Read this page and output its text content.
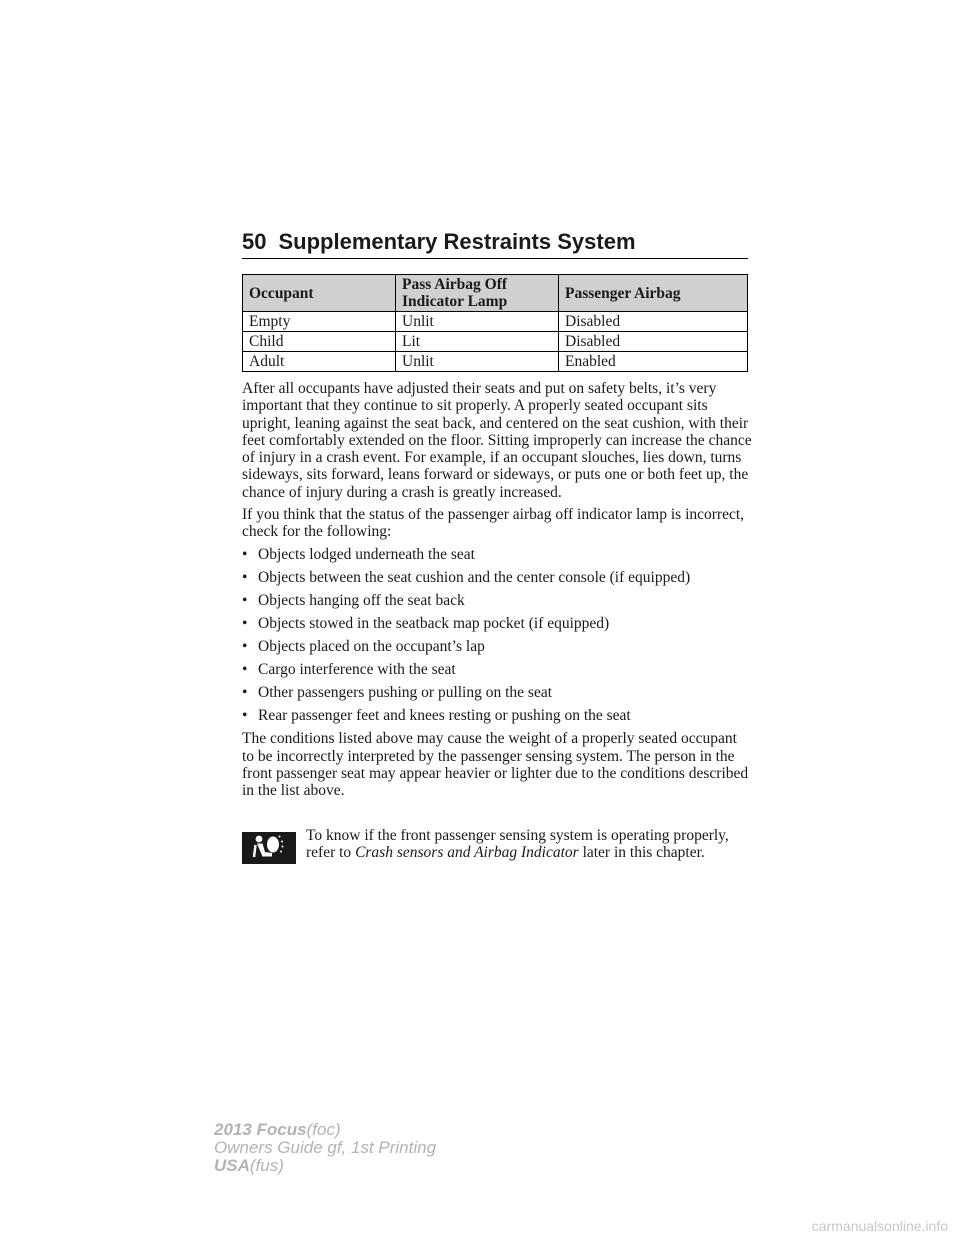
50 Supplementary Restraints System
Occupant	Pass Airbag Off Indicator Lamp	Passenger Airbag
Empty	Unlit	Disabled
Child	Lit	Disabled
Adult	Unlit	Enabled

After all occupants have adjusted their seats and put on safety belts, it’s very important that they continue to sit properly. A properly seated occupant sits upright, leaning against the seat back, and centered on the seat cushion, with their feet comfortably extended on the floor. Sitting improperly can increase the chance of injury in a crash event. For example, if an occupant slouches, lies down, turns sideways, sits forward, leans forward or sideways, or puts one or both feet up, the chance of injury during a crash is greatly increased.

If you think that the status of the passenger airbag off indicator lamp is incorrect, check for the following:

• Objects lodged underneath the seat
• Objects between the seat cushion and the center console (if equipped)
• Objects hanging off the seat back
• Objects stowed in the seatback map pocket (if equipped)
• Objects placed on the occupant’s lap
• Cargo interference with the seat
• Other passengers pushing or pulling on the seat
• Rear passenger feet and knees resting or pushing on the seat

The conditions listed above may cause the weight of a properly seated occupant to be incorrectly interpreted by the passenger sensing system. The person in the front passenger seat may appear heavier or lighter due to the conditions described in the list above.

To know if the front passenger sensing system is operating properly, refer to Crash sensors and Airbag Indicator later in this chapter.
2013 Focus(foc)
Owners Guide gf, 1st Printing
USA(fus)
carmanualsonline.info
